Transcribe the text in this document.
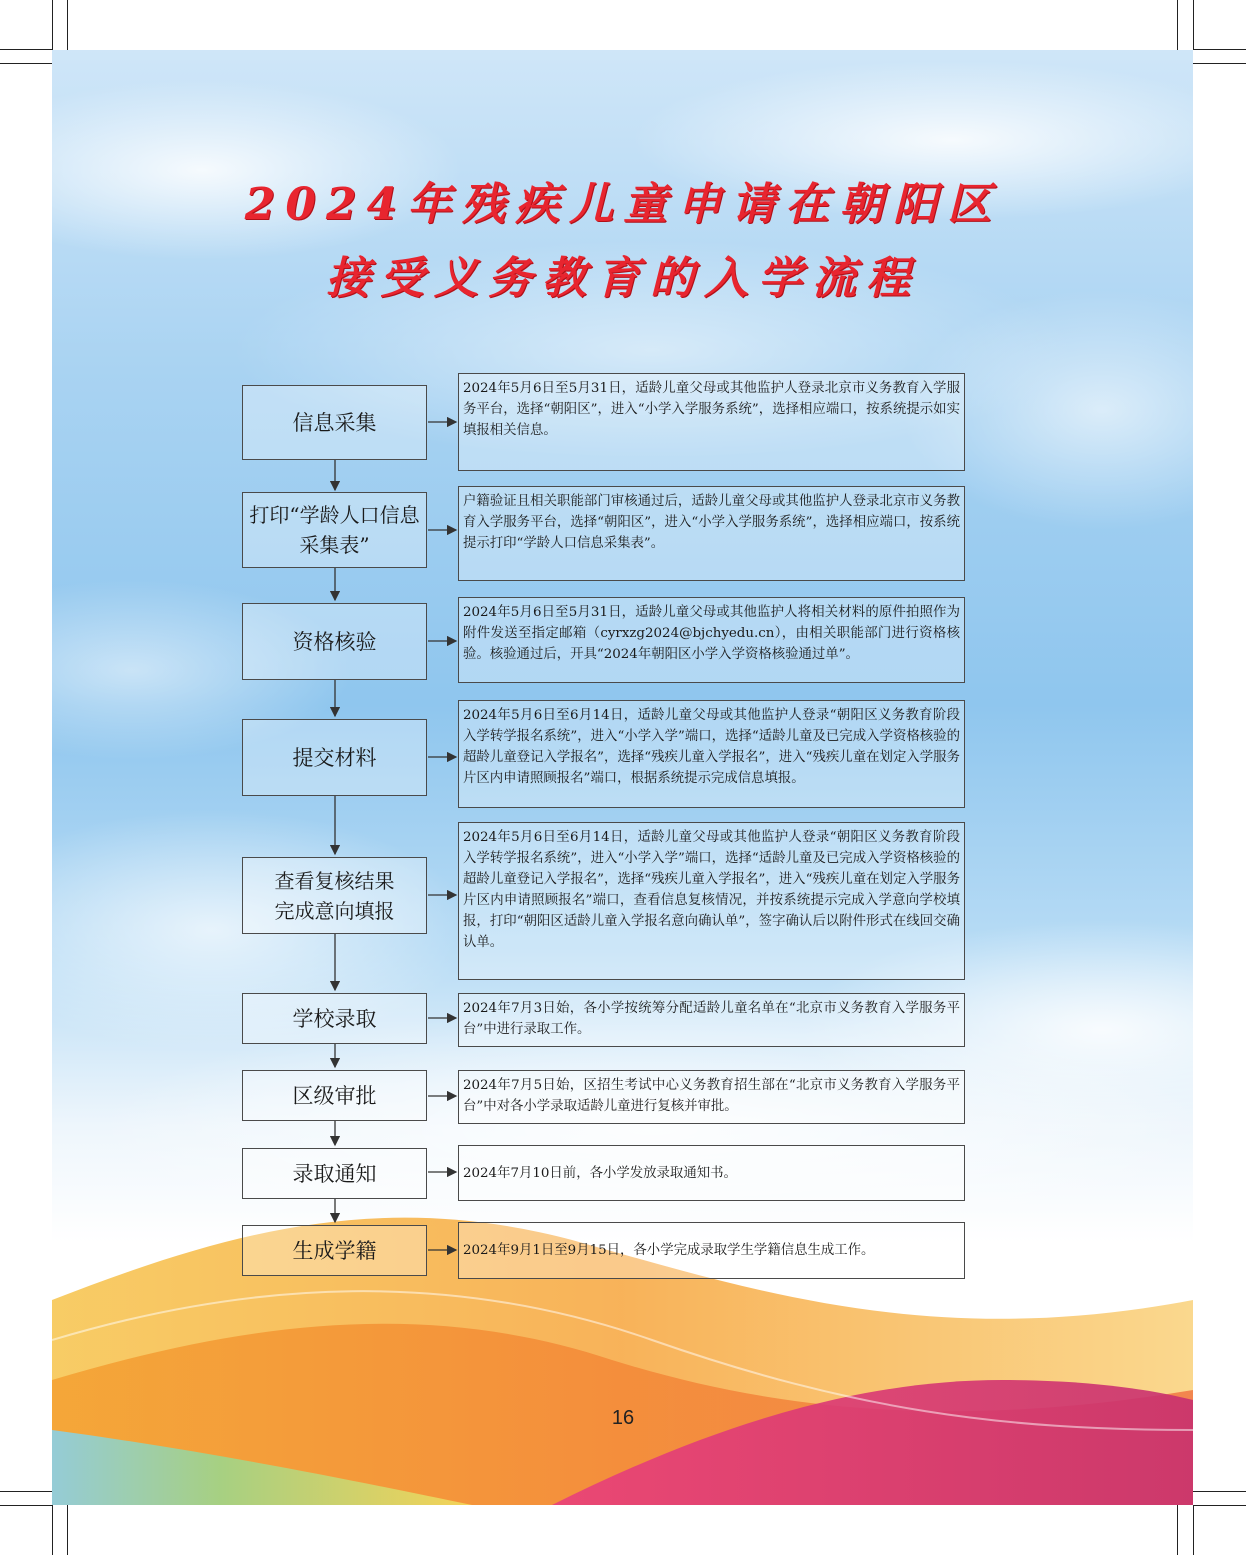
2024年残疾儿童申请在朝阳区
接受义务教育的入学流程
信息采集
打印“学龄人口信息采集表”
资格核验
提交材料
查看复核结果完成意向填报
学校录取
区级审批
录取通知
生成学籍
2024年5月6日至5月31日，适龄儿童父母或其他监护人登录北京市义务教育入学服务平台，选择“朝阳区”，进入“小学入学服务系统”，选择相应端口，按系统提示如实填报相关信息。
户籍验证且相关职能部门审核通过后，适龄儿童父母或其他监护人登录北京市义务教育入学服务平台，选择“朝阳区”，进入“小学入学服务系统”，选择相应端口，按系统提示打印“学龄人口信息采集表”。
2024年5月6日至5月31日，适龄儿童父母或其他监护人将相关材料的原件拍照作为附件发送至指定邮箱（cyrxzg2024@bjchyedu.cn），由相关职能部门进行资格核验。核验通过后，开具“2024年朝阳区小学入学资格核验通过单”。
2024年5月6日至6月14日，适龄儿童父母或其他监护人登录“朝阳区义务教育阶段入学转学报名系统”，进入“小学入学”端口，选择“适龄儿童及已完成入学资格核验的超龄儿童登记入学报名”，选择“残疾儿童入学报名”，进入“残疾儿童在划定入学服务片区内申请照顾报名”端口，根据系统提示完成信息填报。
2024年5月6日至6月14日，适龄儿童父母或其他监护人登录“朝阳区义务教育阶段入学转学报名系统”，进入“小学入学”端口，选择“适龄儿童及已完成入学资格核验的超龄儿童登记入学报名”，选择“残疾儿童入学报名”，进入“残疾儿童在划定入学服务片区内申请照顾报名”端口，查看信息复核情况，并按系统提示完成入学意向学校填报，打印“朝阳区适龄儿童入学报名意向确认单”，签字确认后以附件形式在线回交确认单。
2024年7月3日始，各小学按统筹分配适龄儿童名单在“北京市义务教育入学服务平台”中进行录取工作。
2024年7月5日始，区招生考试中心义务教育招生部在“北京市义务教育入学服务平台”中对各小学录取适龄儿童进行复核并审批。
2024年7月10日前，各小学发放录取通知书。
2024年9月1日至9月15日，各小学完成录取学生学籍信息生成工作。
16
